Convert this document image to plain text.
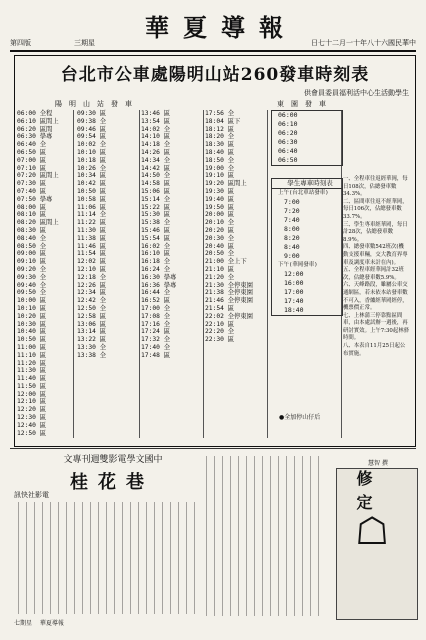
第四版	三期星
華夏導報
日七十二月一十年八十六國民華中
台北市公車處陽明山站260發車時刻表
供會員委員福利活中心生活動學生
陽　明　山　站　發　車	東　園　發　車
06:00 全程
06:10 區間上
06:20 區間
06:30 學專
06:40 全
06:50 區
07:00 區
07:10 區
07:20 區間上
07:30 區
07:40 區
07:50 學專
08:00 區
08:10 區
08:20 區間上
08:30 區
08:40 全
08:50 全
09:00 區
09:10 區
09:20 全
09:30 全
09:40 全
09:50 全
10:00 區
10:10 區
10:20 區
10:30 區
10:40 區
10:50 區
11:00 區
11:10 區
11:20 區
11:30 區
11:40 區
11:50 區
12:00 區
12:10 區
12:20 區
12:30 區
12:40 區
12:50 區
09:30 區
09:38 全
09:46 區
09:54 區
10:02 全
10:10 區
10:18 區
10:26 全
10:34 區
10:42 區
10:50 區
10:58 區
11:06 區
11:14 全
11:22 區
11:30 區
11:38 區
11:46 區
11:54 區
12:02 區
12:10 區
12:18 全
12:26 區
12:34 區
12:42 全
12:50 全
12:58 區
13:06 區
13:14 區
13:22 區
13:30 全
13:38 全
13:46 區
13:54 區
14:02 全
14:10 區
14:18 全
14:26 區
14:34 全
14:42 區
14:50 全
14:58 區
15:06 區
15:14 全
15:22 區
15:30 區
15:38 全
15:46 區
15:54 區
16:02 全
16:10 區
16:18 全
16:24 全
16:30 學專
16:36 學專
16:44 全
16:52 區
17:00 全
17:08 全
17:16 全
17:24 區
17:32 全
17:40 全
17:48 區
17:56 全
18:04 區下
18:12 區
18:20 全
18:30 區
18:40 區
18:50 全
19:00 全
19:10 區
19:20 區間上
19:30 區
19:40 區
19:50 區
20:00 區
20:10 全
20:20 區
20:30 全
20:40 區
20:50 全
21:00 全上下
21:10 區
21:20 全
21:30 全停東園
21:38 全停東園
21:46 全停東園
21:54 區
22:02 全停東園
22:10 區
22:20 全
22:30 區
06:00
06:10
06:20
06:30
06:40
06:50
學生專車時刻表
上午(台北車站發車)
7:00
7:20
7:40
8:00
8:20
8:40
9:00
下午(華岡發車)
12:00
16:00
17:00
17:40
18:40
一、全程車往返經華岡，每日108次，佔總發車數34.3%。
二、區間車往返不經華岡，每日106次，佔總發車數33.7%。
三、學生專車經華岡，每日計28次，佔總發車數8.9%。
四、總發車數542班次(機動支援車輛，交大教育界專車及調度車未計在內)。
五、全程車經華岡計32班次，佔總發車數5.9%。
六、天峰路段，雖屬公車交通網區，若未依本站發車數不可入，香爐經華岡經停，機票價正常。
七、上林蒲三停靠點區間車，由本處試辦一週後，再研討實效。上午7:30起林驿時間。
八、本表自11月25日起公布實施。
●全加停山仔后
文專刊週雙影電學文國中
桂花巷
訊快社影電
☖
修定
慧智 撰
七期星 　華夏導報
